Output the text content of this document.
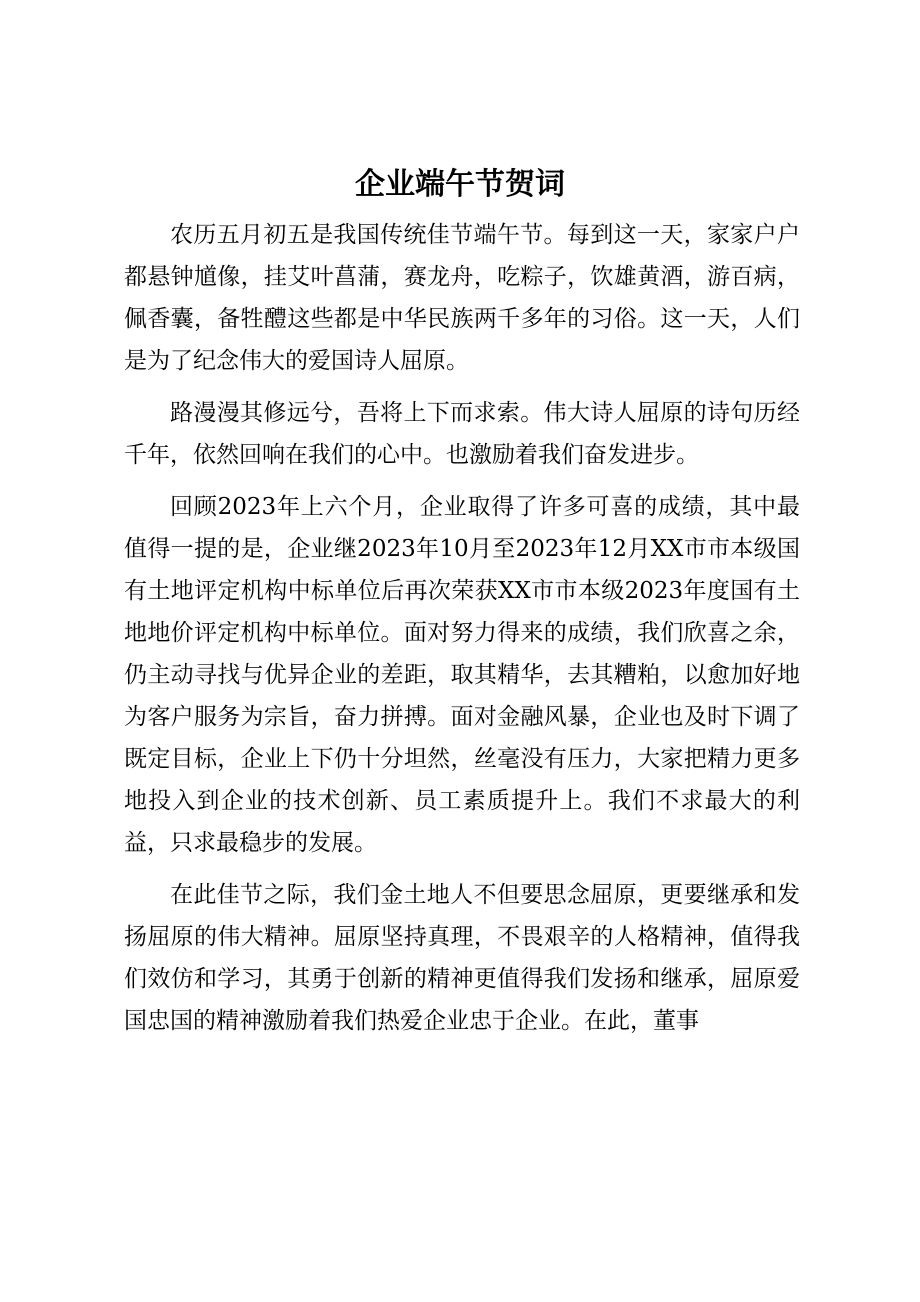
企业端午节贺词

农历五月初五是我国传统佳节端午节。每到这一天，家家户户都悬钟馗像，挂艾叶菖蒲，赛龙舟，吃粽子，饮雄黄酒，游百病，佩香囊，备牲醴这些都是中华民族两千多年的习俗。这一天，人们是为了纪念伟大的爱国诗人屈原。

路漫漫其修远兮，吾将上下而求索。伟大诗人屈原的诗句历经千年，依然回响在我们的心中。也激励着我们奋发进步。

回顾2023年上六个月，企业取得了许多可喜的成绩，其中最值得一提的是，企业继2023年10月至2023年12月XX市市本级国有土地评定机构中标单位后再次荣获XX市市本级2023年度国有土地地价评定机构中标单位。面对努力得来的成绩，我们欣喜之余，仍主动寻找与优异企业的差距，取其精华，去其糟粕，以愈加好地为客户服务为宗旨，奋力拼搏。面对金融风暴，企业也及时下调了既定目标，企业上下仍十分坦然，丝毫没有压力，大家把精力更多地投入到企业的技术创新、员工素质提升上。我们不求最大的利益，只求最稳步的发展。

在此佳节之际，我们金土地人不但要思念屈原，更要继承和发扬屈原的伟大精神。屈原坚持真理，不畏艰辛的人格精神，值得我们效仿和学习，其勇于创新的精神更值得我们发扬和继承，屈原爱国忠国的精神激励着我们热爱企业忠于企业。在此，董事
